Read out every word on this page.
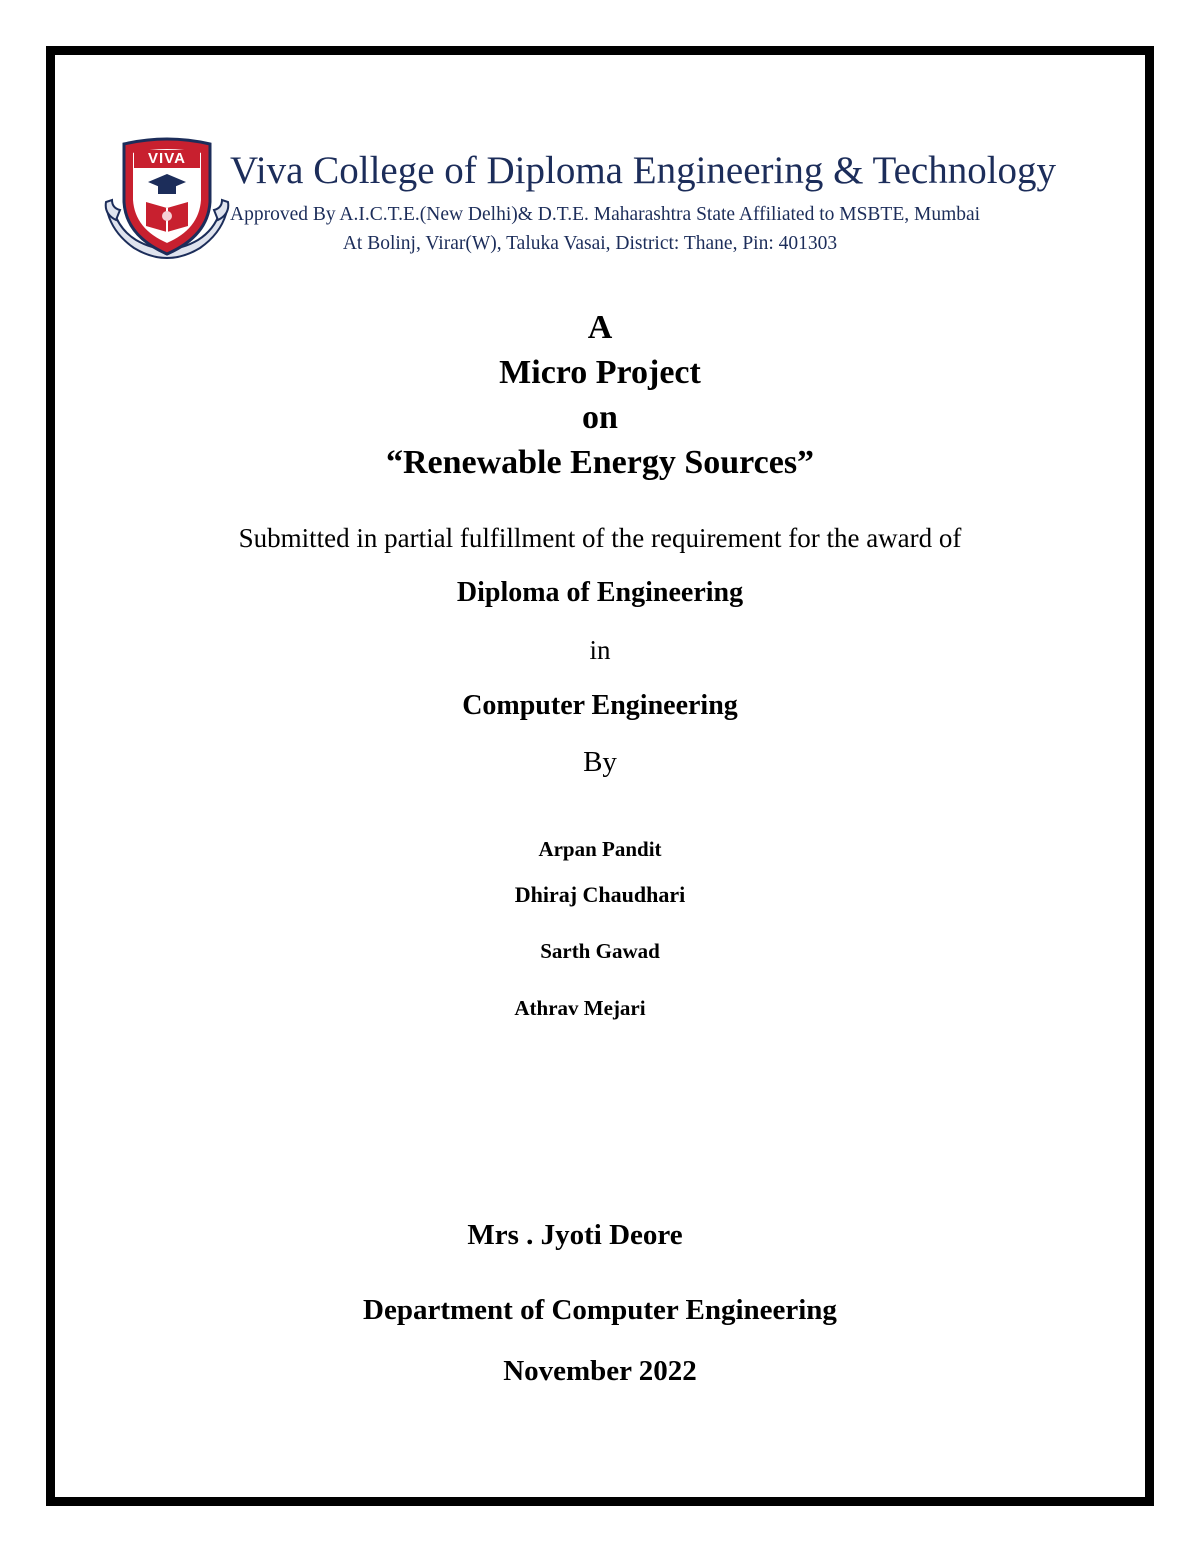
VIVA	Viva College of Diploma Engineering & Technology
Approved By A.I.C.T.E.(New Delhi)& D.T.E. Maharashtra State Affiliated to MSBTE, Mumbai
At Bolinj, Virar(W), Taluka Vasai, District: Thane, Pin: 401303
A
Micro Project
on
“Renewable Energy Sources”
Submitted in partial fulfillment of the requirement for the award of
Diploma of Engineering
in
Computer Engineering
By
Arpan Pandit
Dhiraj Chaudhari
Sarth Gawad
Athrav Mejari
Mrs . Jyoti Deore
Department of Computer Engineering
November 2022
